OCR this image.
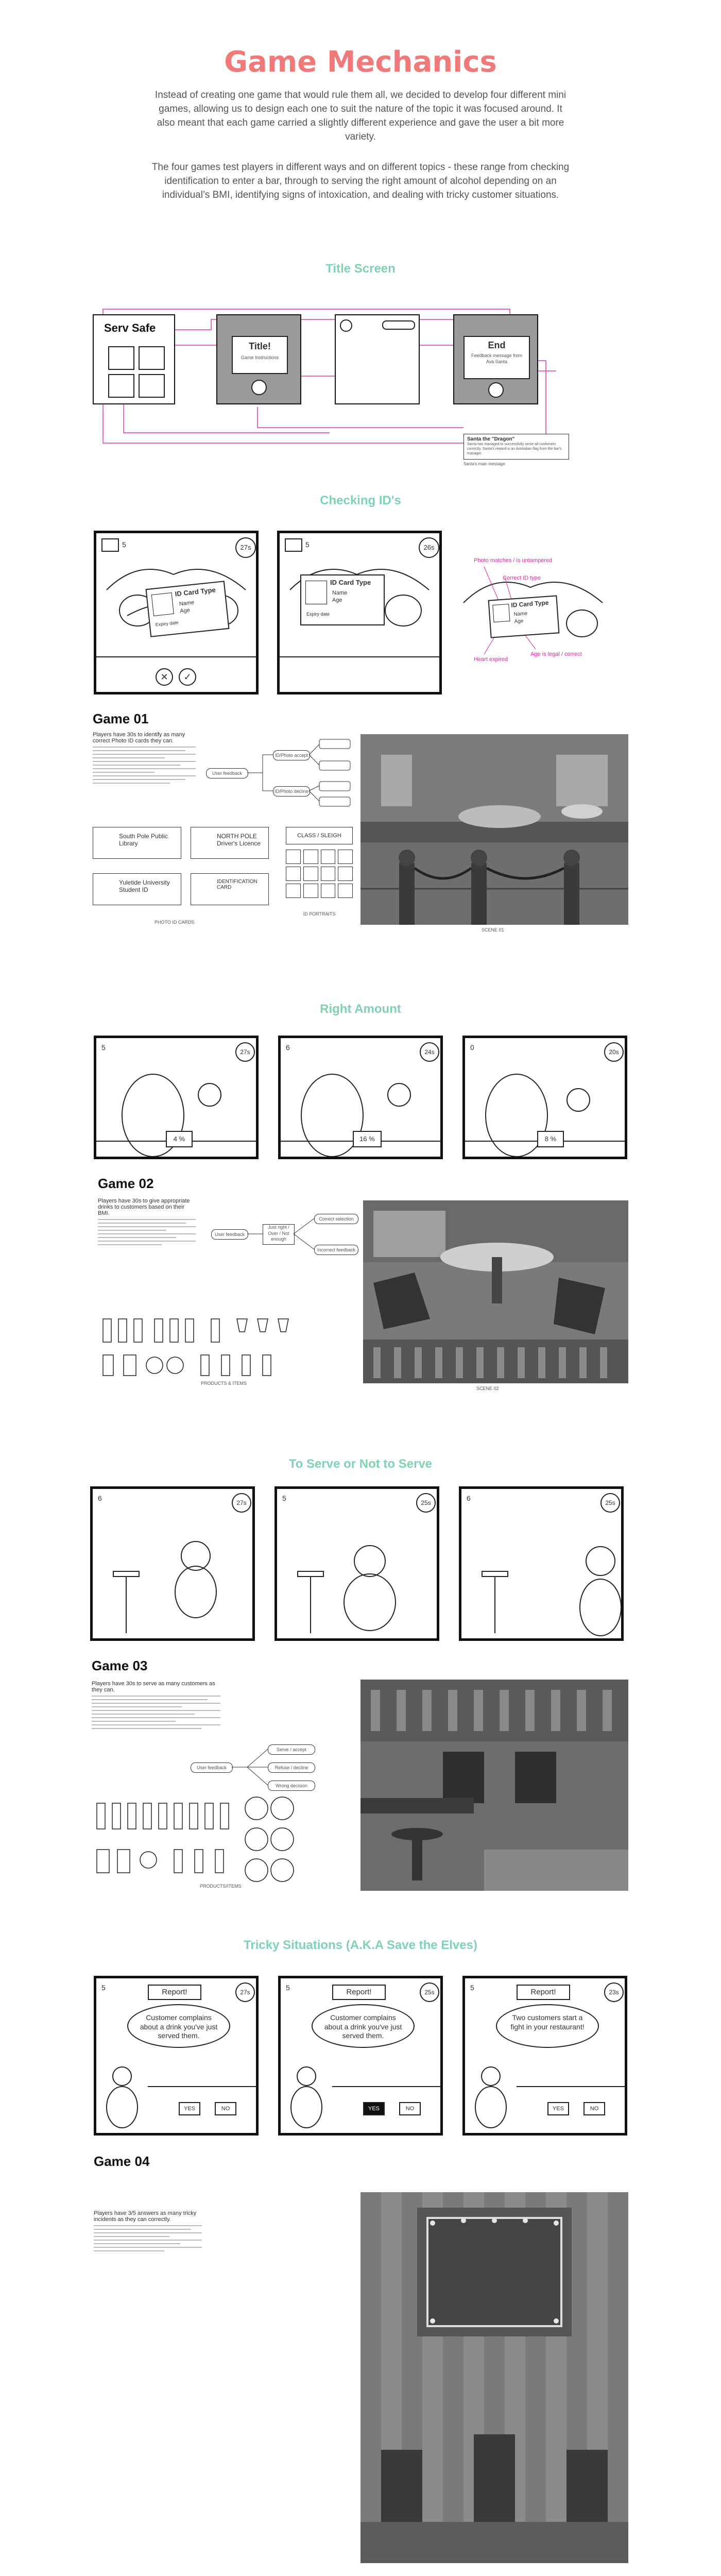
Game Mechanics
Instead of creating one game that would rule them all, we decided to develop four different mini games, allowing us to design each one to suit the nature of the topic it was focused around. It also meant that each game carried a slightly different experience and gave the user a bit more variety.
The four games test players in different ways and on different topics - these range from checking identification to enter a bar, through to serving the right amount of alcohol depending on an individual’s BMI, identifying signs of intoxication, and dealing with tricky customer situations.
Title Screen
Serv Safe
Title!
Game Instructions
End
Feedback message from Ava Santa
Santa the "Dragon"
Santa has managed to successfully serve all customers correctly. Santa's reward is an Australian flag from the bar's manager.
Santa's main message
Checking ID's
5	27s
ID Card Type
Name
Age
Expiry date
✕	✓
5	26s
ID Card Type
Name
Age
Expiry date
ID Card Type
Name
Age
Photo matches / is untampered
Correct ID type
Heart expired
Age is legal / correct
Game 01
Players have 30s to identify as many correct Photo ID cards they can.
User feedback
ID/Photo accept
ID/Photo decline
South Pole Public Library
NORTH POLE Driver's Licence
Yuletide University Student ID
IDENTIFICATION CARD
PHOTO ID CARDS
CLASS / SLEIGH
ID PORTRAITS
SCENE 01
Right Amount
5
27s
4 %
6
24s
16 %
0
20s
8 %
Game 02
Players have 30s to give appropriate drinks to customers based on their BMI.
User feedback
Just right / Over / Not enough
Correct selection
Incorrect feedback
PRODUCTS & ITEMS
SCENE 02
To Serve or Not to Serve
6
27s
5
25s
6
25s
Game 03
Players have 30s to serve as many customers as they can.
User feedback
Serve / accept
Refuse / decline
Wrong decision
PRODUCTS/ITEMS
Tricky Situations (A.K.A Save the Elves)
5
27s
Report!
Customer complains about a drink you've just served them.
YES	NO
5
25s
Report!
Customer complains about a drink you've just served them.
YES	NO
5
23s
Report!
Two customers start a fight in your restaurant!
YES	NO
Game 04
Players have 3/5 answers as many tricky incidents as they can correctly.
